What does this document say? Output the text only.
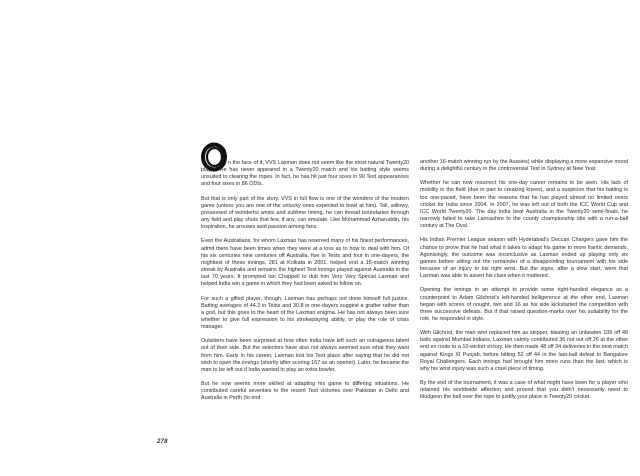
n the face of it, VVS Laxman does not seem like the most natural Twenty20 player. He has never appeared in a Twenty20 match and his batting style seems unsuited to clearing the ropes. In fact, he has hit just four sixes in 90 Test appearances and four sixes in 86 ODIs.

But that is only part of the story. VVS in full flow is one of the wonders of the modern game (unless you are one of the unlucky ones expected to bowl at him). Tall, willowy, possessed of wonderful wrists and sublime timing, he can thread boundaries through any field and play shots that few, if any, can emulate. Like Mohammad Azharuddin, his inspiration, he arouses avid passion among fans.

Even the Australians, for whom Laxman has reserved many of his finest performances, admit there have been times when they were at a loss as to how to deal with him. Of his six centuries nine centuries off Australia, five in Tests and four in one-dayers, the mightiest of these innings, 281 at Kolkata in 2001, helped end a 16-match winning streak by Australia and remains the highest Test innings played against Australia in the last 70 years. It prompted Ian Chappell to dub him Very Very Special Laxman and helped India win a game in which they had been asked to follow on.

For such a gifted player, though, Laxman has perhaps not done himself full justice. Batting averages of 44.2 in Tests and 30.8 in one-dayers suggest a grafter rather than a god, but this goes to the heart of the Laxman enigma. He has not always been sure whether to give full expression to his strokeplaying ability, or play the role of crisis manager.

Outsiders have been surprised at how often India have left such an outrageous talent out of their side. But the selectors have also not always seemed sure what they want from him. Early in his career, Laxman lost his Test place after saying that he did not wish to open the innings (shortly after scoring 167 as an opener). Later, he became the man to be left out if India wanted to play an extra bowler.

But he now seems more skilled at adapting his game to differing situations. He contributed careful seventies to the recent Test victories over Pakistan in Delhi and Australia in Perth (to end

another 16-match winning run by the Aussies) while displaying a more expansive mood during a delightful century in the controversial Test in Sydney at New Year.

Whether he can now resurrect his one-day career remains to be seen. His lack of mobility in the field (due in part to creaking knees), and a suspicion that his batting is too one-paced, have been the reasons that he has played almost no limited overs cricket for India since 2004. In 2007, he was left out of both the ICC World Cup and ICC World Twenty20. The day India beat Australia in the Twenty20 semi-finals, he narrowly failed to take Lancashire to the county championship title with a run-a-ball century at The Oval.

His Indian Premier League season with Hyderabad's Deccan Chargers gave him the chance to prove that he had what it takes to adapt his game to more frantic demands. Agonisingly, the outcome was inconclusive as Laxman ended up playing only six games before sitting out the remainder of a disappointing tournament with his side because of an injury to his right wrist. But the signs, after a slow start, were that Laxman was able to assert his class when it mattered.

Opening the innings in an attempt to provide some right-handed elegance as a counterpoint to Adam Gilchrist's left-handed belligerence at the other end, Laxman began with scores of nought, two and 16 as his side kickstarted the competition with three successive defeats. But if that raised question-marks over his suitability for the role, he responded in style.

With Gilchrist, the man who replaced him as skipper, blasting an unbeaten 109 off 48 balls against Mumbai Indians, Laxman calmly contributed 36 not out off 26 at the other end en route to a 10-wicket victory. He then made 48 off 34 deliveries in the next match against Kings XI Punjab, before hitting 52 off 44 in the last-ball defeat to Bangalore Royal Challengers. Each innings had brought him more runs than the last, which is why his wrist injury was such a cruel piece of timing.

By the end of the tournament, it was a case of what might have been for a player who retained his worldwide affection and proved that you didn't necessarily need to bludgeon the ball over the rope to justify your place in Twenty20 cricket.

278
